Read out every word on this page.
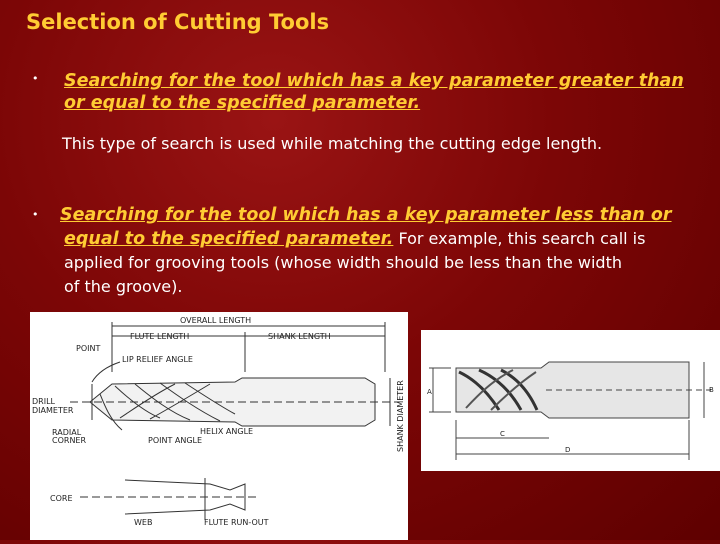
Selection of Cutting Tools
• Searching for the tool which has a key parameter greater than

or equal to the specified parameter.

This type of search is used while matching the cutting edge length.
• Searching for the tool which has a key parameter less than or

equal to the specified parameter. For example, this search call is
applied for grooving tools (whose width should be less than the width
of the groove).
OVERALL LENGTH
FLUTE LENGTH	SHANK LENGTH
POINT
LIP RELIEF ANGLE
DRILL
DIAMETER
RADIAL
CORNER
HELIX ANGLE
POINT ANGLE	SHANK DIAMETER
CORE
WEB	FLUTE RUN-OUT
A	B
C
D
